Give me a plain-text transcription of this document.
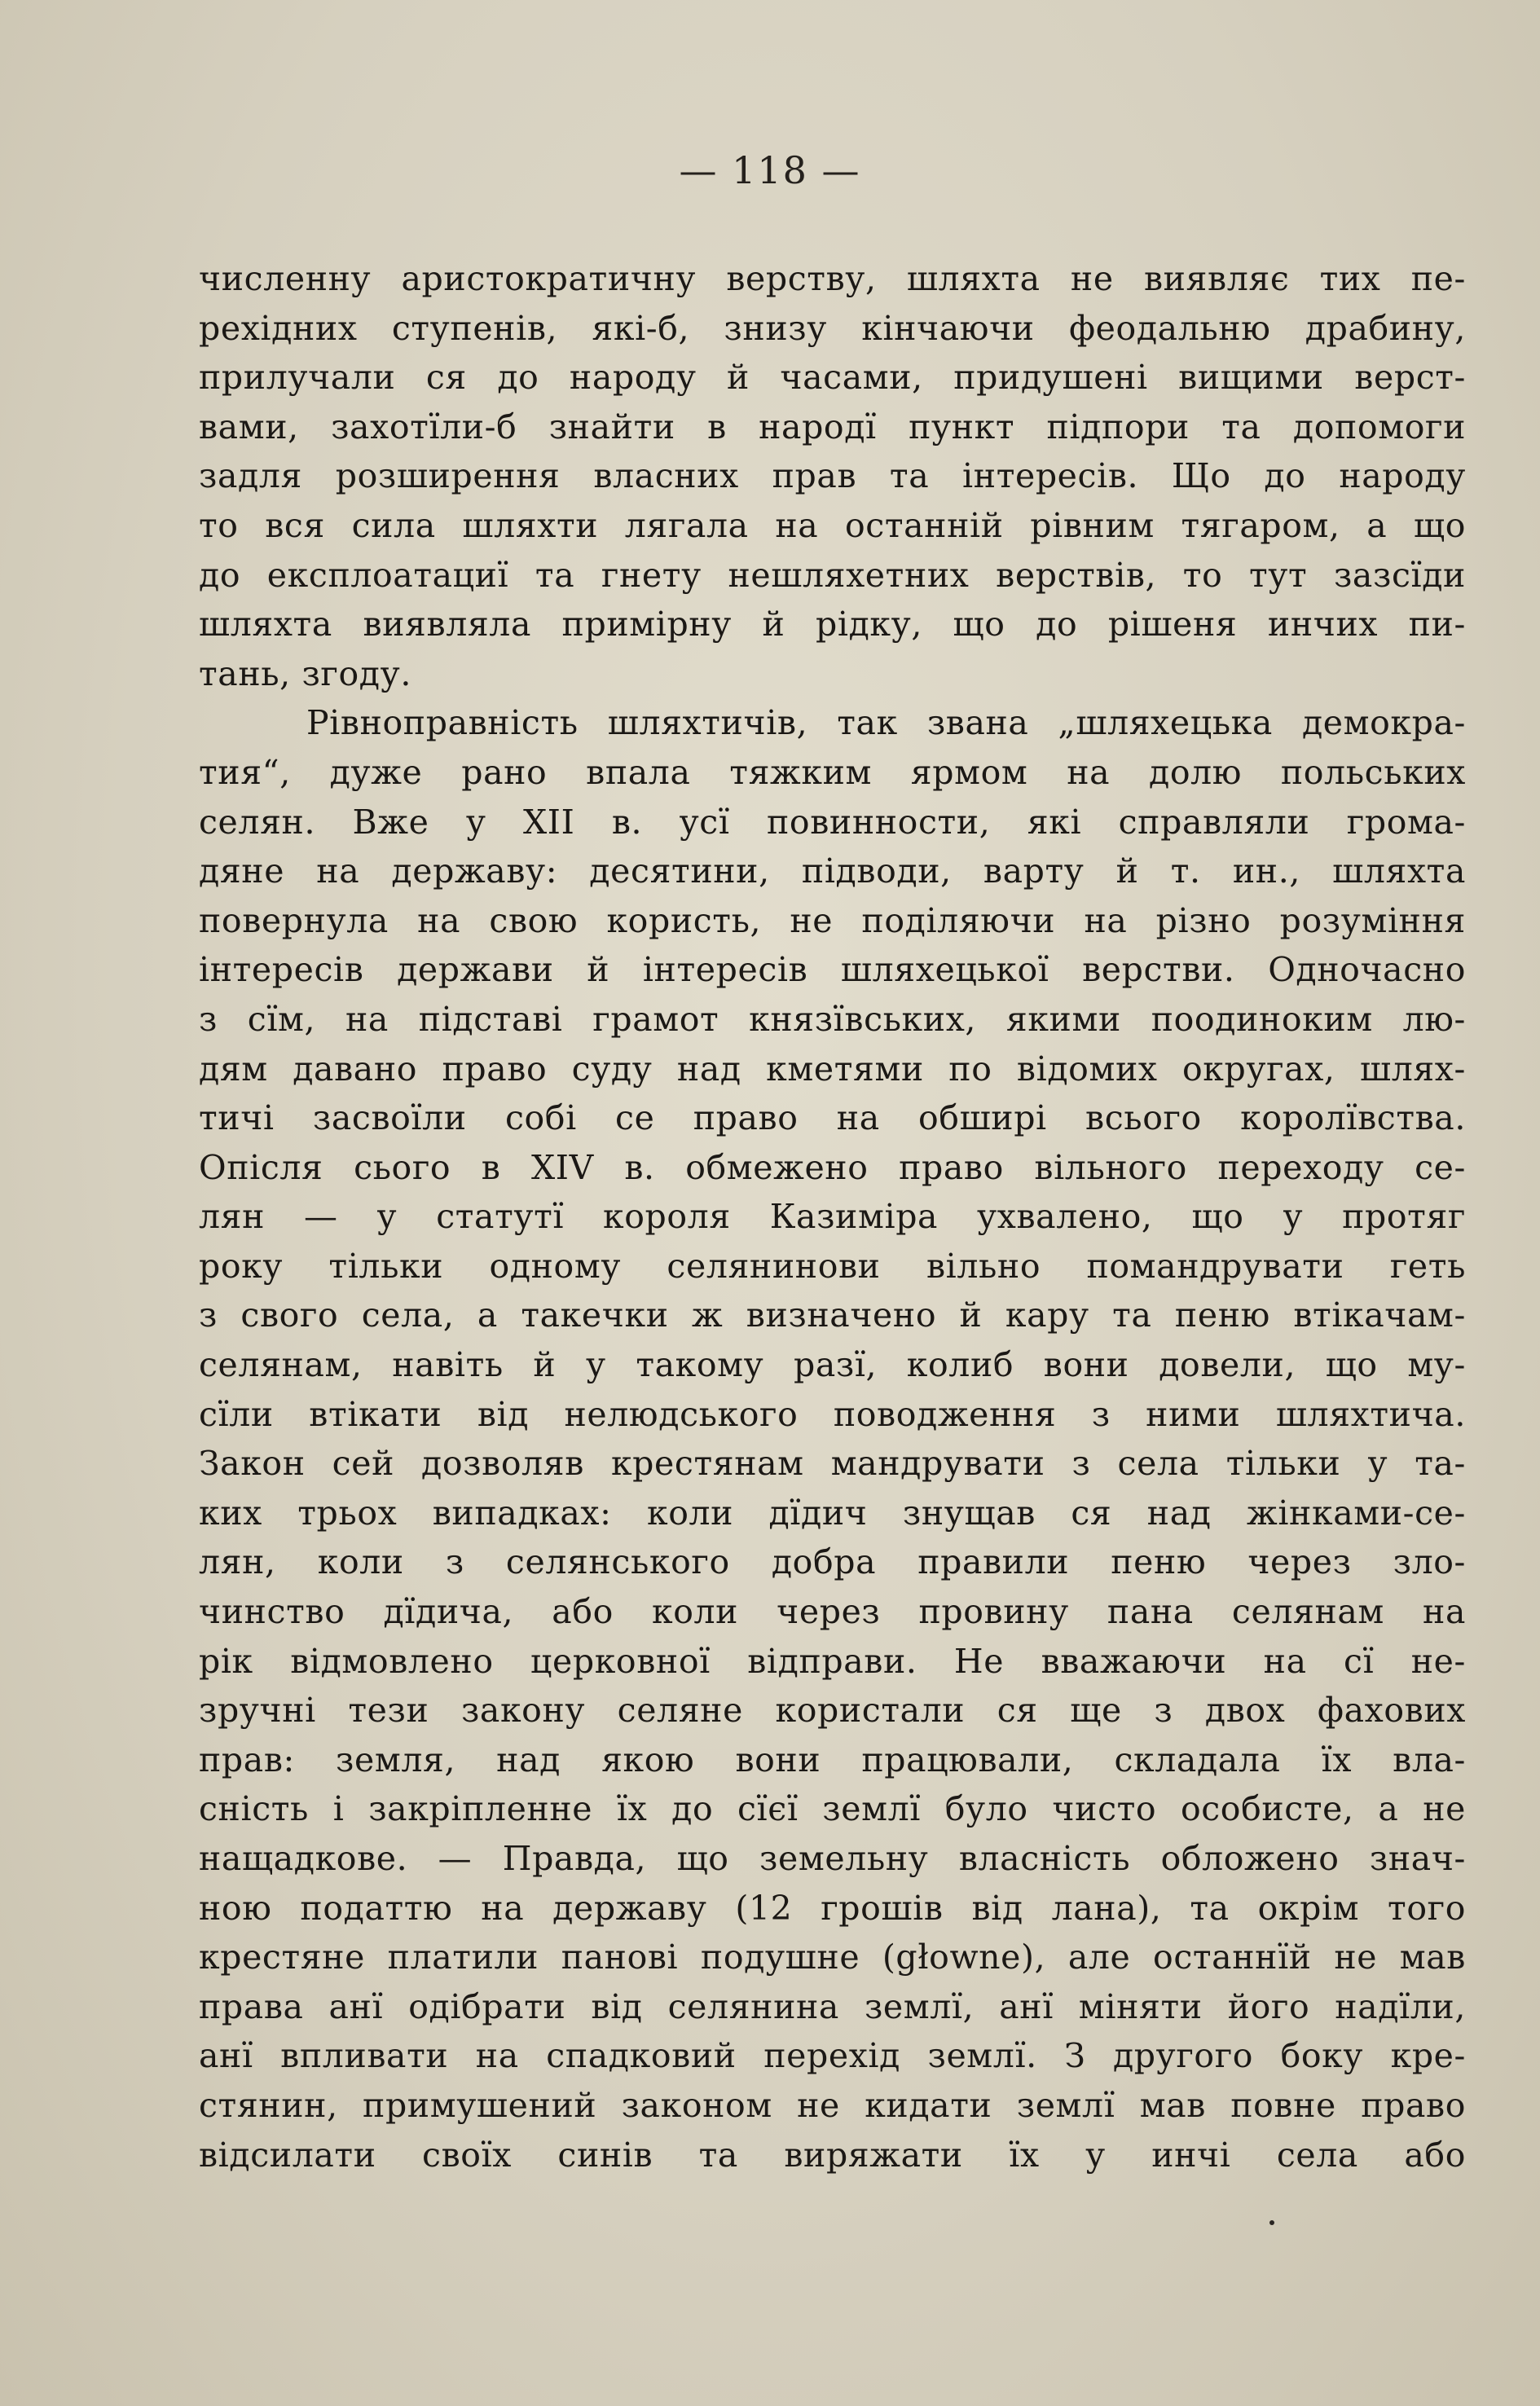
— 118 —
численну аристократичну верству, шляхта не виявляє тих пе-
рехідних ступенів, які-б, знизу кінчаючи феодальню драбину,
прилучали ся до народу й часами, придушені вищими верст-
вами, захотїли-б знайти в народї пункт підпори та допомоги
задля розширення власних прав та інтересів. Що до народу
то вся сила шляхти лягала на останній рівним тягаром, а що
до експлоатациї та гнету нешляхетних верствів, то тут зазсїди
шляхта виявляла примірну й рідку, що до рішеня инчих пи-
тань, згоду.
Рівноправність шляхтичів, так звана „шляхецька демокра-
тия“, дуже рано впала тяжким ярмом на долю польських
селян. Вже у XII в. усї повинности, які справляли грома-
дяне на державу: десятини, підводи, варту й т. ин., шляхта
повернула на свою користь, не поділяючи на різно розуміння
інтересів держави й інтересів шляхецької верстви. Одночасно
з сїм, на підставі грамот князївських, якими поодиноким лю-
дям давано право суду над кметями по відомих округах, шлях-
тичі засвоїли собі се право на обширі всього королївства.
Опісля сього в XIV в. обмежено право вільного переходу се-
лян — у статутї короля Казиміра ухвалено, що у протяг
року тільки одному селянинови вільно помандрувати геть
з свого села, а такечки ж визначено й кару та пеню втікачам-
селянам, навіть й у такому разї, колиб вони довели, що му-
сїли втікати від нелюдського поводження з ними шляхтича.
Закон сей дозволяв крестянам мандрувати з села тільки у та-
ких трьох випадках: коли дїдич знущав ся над жінками-се-
лян, коли з селянського добра правили пеню через зло-
чинство дїдича, або коли через провину пана селянам на
рік відмовлено церковної відправи. Не вважаючи на сї не-
зручні тези закону селяне користали ся ще з двох фахових
прав: земля, над якою вони працювали, складала їх вла-
сність і закріпленне їх до сїєї землї було чисто особисте, а не
нащадкове. — Правда, що земельну власність обложено знач-
ною податтю на державу (12 грошів від лана), та окрім того
крестяне платили панові подушне (głowne), але останнїй не мав
права анї одібрати від селянина землї, анї міняти його надїли,
анї впливати на спадковий перехід землї. З другого боку кре-
стянин, примушений законом не кидати землї мав повне право
відсилати своїх синів та виряжати їх у инчі села або
